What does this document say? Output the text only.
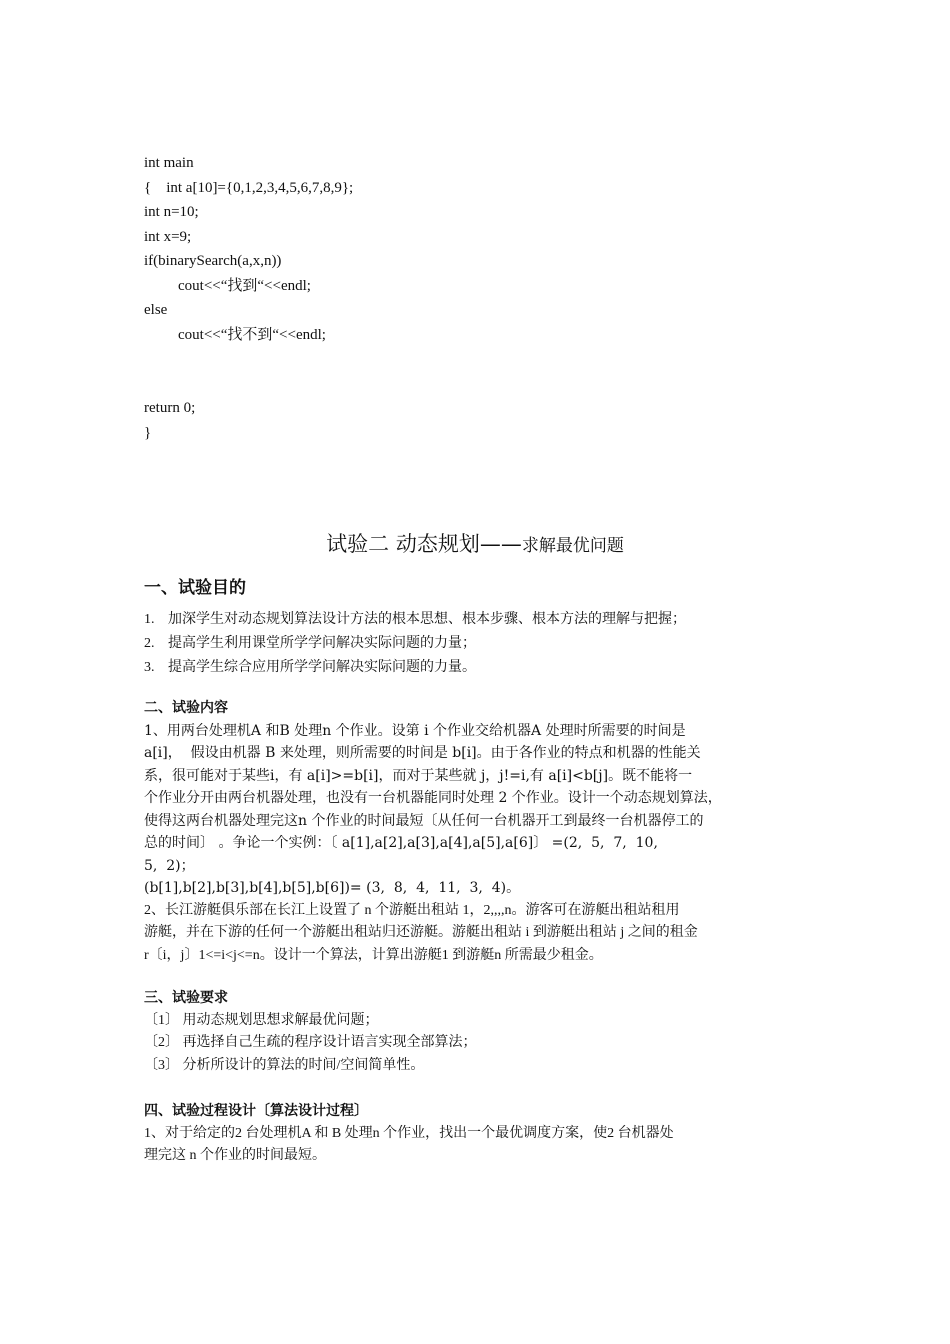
int main
{    int a[10]={0,1,2,3,4,5,6,7,8,9};
int n=10;
int x=9;
if(binarySearch(a,x,n))
cout<<“找到“<<endl;
else
cout<<“找不到“<<endl;
return 0;
}
试验二 动态规划——求解最优问题
一、试验目的
1. 加深学生对动态规划算法设计方法的根本思想、根本步骤、根本方法的理解与把握；
2. 提高学生利用课堂所学学问解决实际问题的力量；
3. 提高学生综合应用所学学问解决实际问题的力量。
二、试验内容
1、用两台处理机A 和B 处理n 个作业。设第 i 个作业交给机器A 处理时所需要的时间是
a[i]，  假设由机器 B 来处理，则所需要的时间是 b[i]。由于各作业的特点和机器的性能关
系，很可能对于某些i，有 a[i]>=b[i]，而对于某些就 j，j!=i,有 a[i]<b[j]。既不能将一
个作业分开由两台机器处理，也没有一台机器能同时处理 2 个作业。设计一个动态规划算法，
使得这两台机器处理完这n 个作业的时间最短〔从任何一台机器开工到最终一台机器停工的
总的时间〕 。争论一个实例：〔 a[1],a[2],a[3],a[4],a[5],a[6]〕 =(2,  5,  7,  10,
5,  2)；
(b[1],b[2],b[3],b[4],b[5],b[6])= (3,  8,  4,  11,  3,  4)。
2、长江游艇俱乐部在长江上设置了 n 个游艇出租站 1，2,,,,n。游客可在游艇出租站租用
游艇，并在下游的任何一个游艇出租站归还游艇。游艇出租站 i 到游艇出租站 j 之间的租金
r〔i，j〕1<=i<j<=n。设计一个算法，计算出游艇1 到游艇n 所需最少租金。
三、试验要求
〔1〕 用动态规划思想求解最优问题；
〔2〕 再选择自己生疏的程序设计语言实现全部算法；
〔3〕 分析所设计的算法的时间/空间简单性。
四、试验过程设计〔算法设计过程〕
1、对于给定的2 台处理机A 和 B 处理n 个作业，找出一个最优调度方案，使2 台机器处
理完这 n 个作业的时间最短。
